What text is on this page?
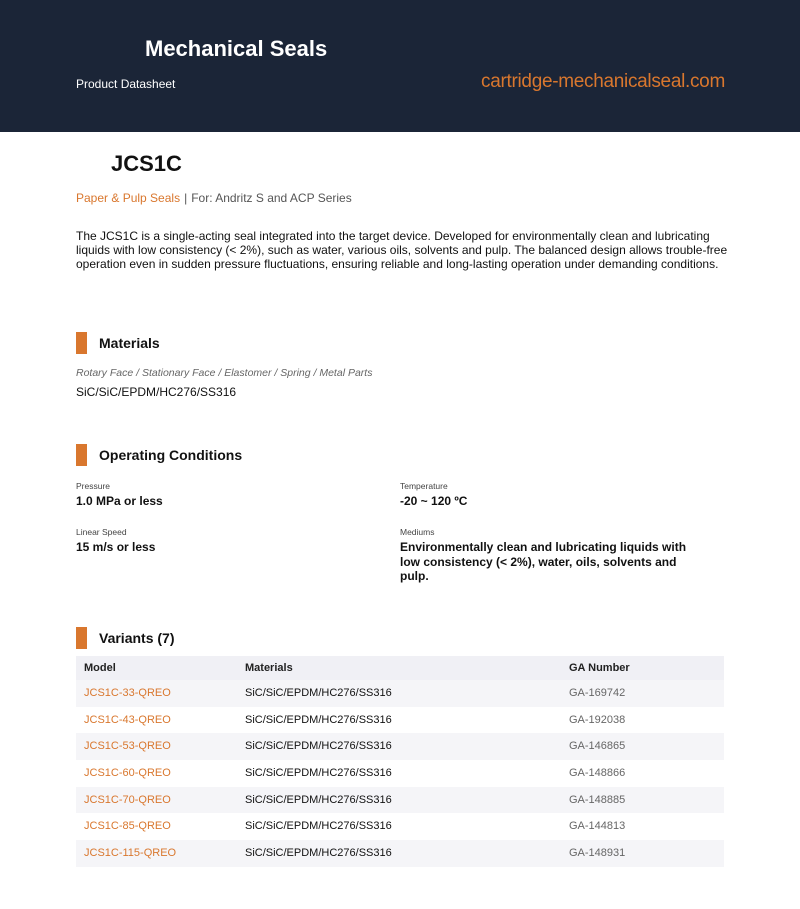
Mechanical Seals
Product Datasheet	cartridge-mechanicalseal.com
JCS1C
Paper & Pulp Seals | For: Andritz S and ACP Series
The JCS1C is a single-acting seal integrated into the target device. Developed for environmentally clean and lubricating liquids with low consistency (< 2%), such as water, various oils, solvents and pulp. The balanced design allows trouble-free operation even in sudden pressure fluctuations, ensuring reliable and long-lasting operation under demanding conditions.
Materials
Rotary Face / Stationary Face / Elastomer / Spring / Metal Parts
SiC/SiC/EPDM/HC276/SS316
Operating Conditions
Pressure
1.0 MPa or less
Temperature
-20 ~ 120 ºC
Linear Speed
15 m/s or less
Mediums
Environmentally clean and lubricating liquids with low consistency (< 2%), water, oils, solvents and pulp.
Variants (7)
Model	Materials	GA Number
JCS1C-33-QREO	SiC/SiC/EPDM/HC276/SS316	GA-169742
JCS1C-43-QREO	SiC/SiC/EPDM/HC276/SS316	GA-192038
JCS1C-53-QREO	SiC/SiC/EPDM/HC276/SS316	GA-146865
JCS1C-60-QREO	SiC/SiC/EPDM/HC276/SS316	GA-148866
JCS1C-70-QREO	SiC/SiC/EPDM/HC276/SS316	GA-148885
JCS1C-85-QREO	SiC/SiC/EPDM/HC276/SS316	GA-144813
JCS1C-115-QREO	SiC/SiC/EPDM/HC276/SS316	GA-148931
